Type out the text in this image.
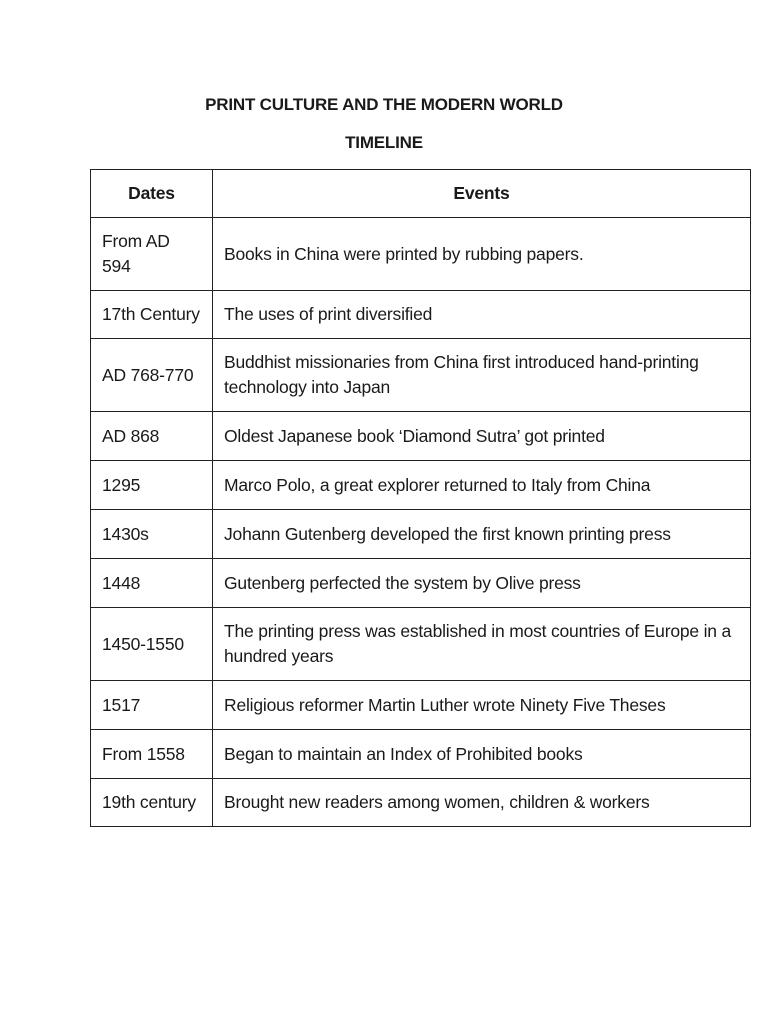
PRINT CULTURE AND THE MODERN WORLD
TIMELINE
Dates	Events
From AD 594	Books in China were printed by rubbing papers.
17th Century	The uses of print diversified
AD 768-770	Buddhist missionaries from China first introduced hand-printing technology into Japan
AD 868	Oldest Japanese book ‘Diamond Sutra’ got printed
1295	Marco Polo, a great explorer returned to Italy from China
1430s	Johann Gutenberg developed the first known printing press
1448	Gutenberg perfected the system by Olive press
1450-1550	The printing press was established in most countries of Europe in a hundred years
1517	Religious reformer Martin Luther wrote Ninety Five Theses
From 1558	Began to maintain an Index of Prohibited books
19th century	Brought new readers among women, children & workers
